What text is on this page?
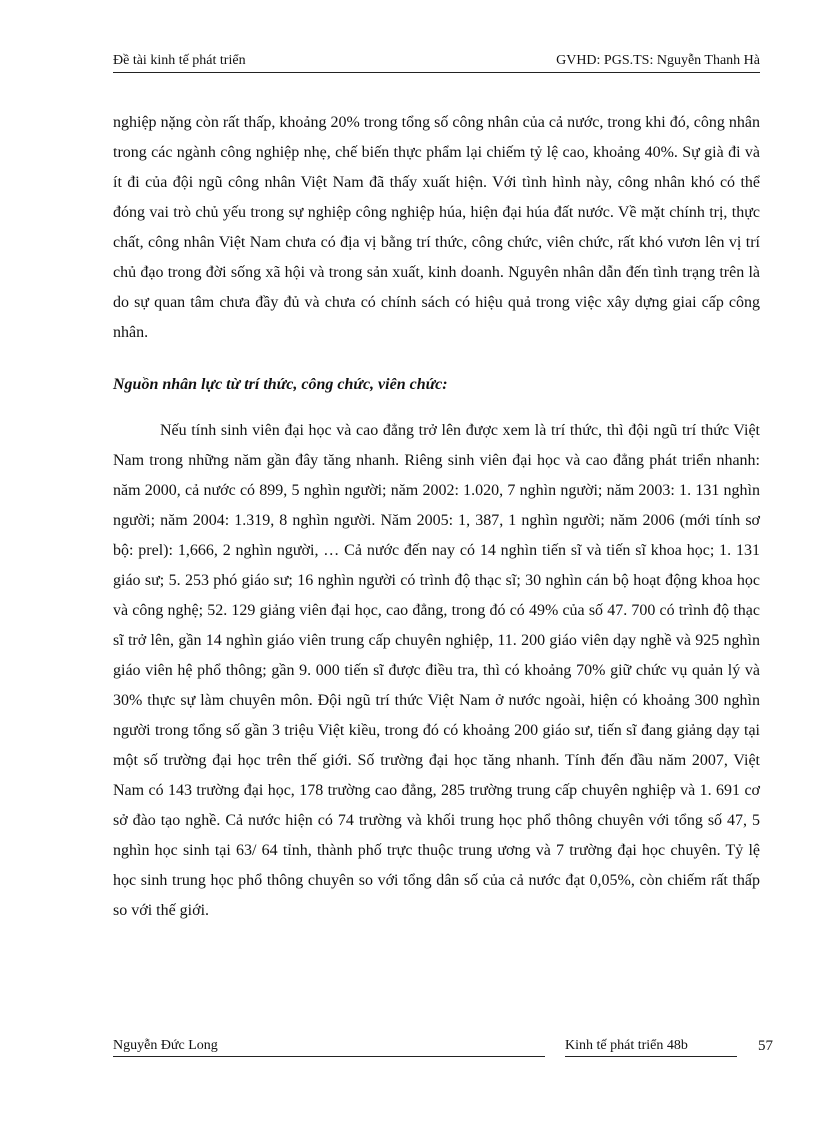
Đề tài kinh tế phát triển	GVHD: PGS.TS: Nguyễn Thanh Hà

nghiệp nặng còn rất thấp, khoảng 20% trong tổng số công nhân của cả nước, trong khi đó, công nhân trong các ngành công nghiệp nhẹ, chế biến thực phẩm lại chiếm tỷ lệ cao, khoảng 40%. Sự già đi và ít đi của đội ngũ công nhân Việt Nam đã thấy xuất hiện. Với tình hình này, công nhân khó có thể đóng vai trò chủ yếu trong sự nghiệp công nghiệp húa, hiện đại húa đất nước. Về mặt chính trị, thực chất, công nhân Việt Nam chưa có địa vị bằng trí thức, công chức, viên chức, rất khó vươn lên vị trí chủ đạo trong đời sống xã hội và trong sản xuất, kinh doanh. Nguyên nhân dẫn đến tình trạng trên là do sự quan tâm chưa đầy đủ và chưa có chính sách có hiệu quả trong việc xây dựng giai cấp công nhân.

Nguồn nhân lực từ trí thức, công chức, viên chức:

Nếu tính sinh viên đại học và cao đẳng trở lên được xem là trí thức, thì đội ngũ trí thức Việt Nam trong những năm gần đây tăng nhanh. Riêng sinh viên đại học và cao đẳng phát triển nhanh: năm 2000, cả nước có 899, 5 nghìn người; năm 2002: 1.020, 7 nghìn người; năm 2003: 1. 131 nghìn người; năm 2004: 1.319, 8 nghìn người. Năm 2005: 1, 387, 1 nghìn người; năm 2006 (mới tính sơ bộ: prel): 1,666, 2 nghìn người, … Cả nước đến nay có 14 nghìn tiến sĩ và tiến sĩ khoa học; 1. 131 giáo sư; 5. 253 phó giáo sư; 16 nghìn người có trình độ thạc sĩ; 30 nghìn cán bộ hoạt động khoa học và công nghệ; 52. 129 giảng viên đại học, cao đẳng, trong đó có 49% của số 47. 700 có trình độ thạc sĩ trở lên, gần 14 nghìn giáo viên trung cấp chuyên nghiệp, 11. 200 giáo viên dạy nghề và 925 nghìn giáo viên hệ phổ thông; gần 9. 000 tiến sĩ được điều tra, thì có khoảng 70% giữ chức vụ quản lý và 30% thực sự làm chuyên môn. Đội ngũ trí thức Việt Nam ở nước ngoài, hiện có khoảng 300 nghìn người trong tổng số gần 3 triệu Việt kiều, trong đó có khoảng 200 giáo sư, tiến sĩ đang giảng dạy tại một số trường đại học trên thế giới. Số trường đại học tăng nhanh. Tính đến đầu năm 2007, Việt Nam có 143 trường đại học, 178 trường cao đẳng, 285 trường trung cấp chuyên nghiệp và 1. 691 cơ sở đào tạo nghề. Cả nước hiện có 74 trường và khối trung học phổ thông chuyên với tổng số 47, 5 nghìn học sinh tại 63/ 64 tỉnh, thành phố trực thuộc trung ương và 7 trường đại học chuyên. Tỷ lệ học sinh trung học phổ thông chuyên so với tổng dân số của cả nước đạt 0,05%, còn chiếm rất thấp so với thế giới.

Nguyễn Đức Long	Kinh tế phát triển 48b	57
